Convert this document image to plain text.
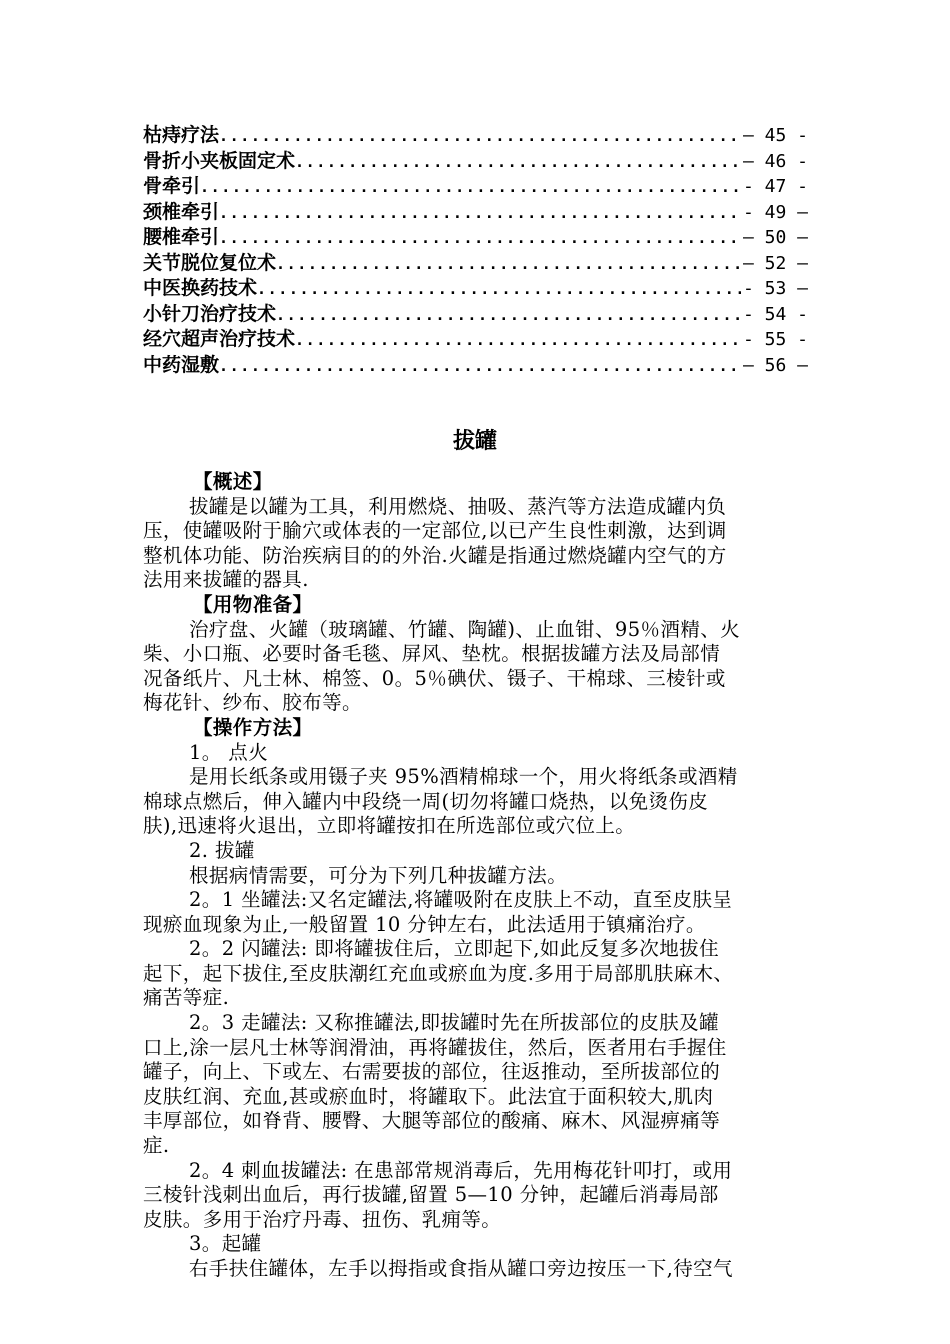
枯痔疗法 .....	— 45 -
骨折小夹板固定术 .....	— 46 -
骨牵引 .....	- 47 -
颈椎牵引 .....	- 49 —
腰椎牵引 .....	— 50 —
关节脱位复位术 .....	— 52 —
中医换药技术 .....	- 53 —
小针刀治疗技术 .....	- 54 -
经穴超声治疗技术 .....	- 55 -
中药湿敷 .....	— 56 —
拔罐
【概述】
拔罐是以罐为工具，利用燃烧、抽吸、蒸汽等方法造成罐内负
压，使罐吸附于腧穴或体表的一定部位,以已产生良性刺激，达到调
整机体功能、防治疾病目的的外治.火罐是指通过燃烧罐内空气的方
法用来拔罐的器具.
【用物准备】
治疗盘、火罐（玻璃罐、竹罐、陶罐)、止血钳、95％酒精、火
柴、小口瓶、必要时备毛毯、屏风、垫枕。根据拔罐方法及局部情
况备纸片、凡士林、棉签、0。5％碘伏、镊子、干棉球、三棱针或
梅花针、纱布、胶布等。
【操作方法】
1。 点火
是用长纸条或用镊子夹 95%酒精棉球一个，用火将纸条或酒精
棉球点燃后，伸入罐内中段绕一周(切勿将罐口烧热，以免烫伤皮
肤),迅速将火退出，立即将罐按扣在所选部位或穴位上。
2. 拔罐
根据病情需要，可分为下列几种拔罐方法。
2。1 坐罐法:又名定罐法,将罐吸附在皮肤上不动，直至皮肤呈
现瘀血现象为止,一般留置 10 分钟左右，此法适用于镇痛治疗。
2。2 闪罐法: 即将罐拔住后，立即起下,如此反复多次地拔住
起下，起下拔住,至皮肤潮红充血或瘀血为度.多用于局部肌肤麻木、
痛苦等症.
2。3 走罐法: 又称推罐法,即拔罐时先在所拔部位的皮肤及罐
口上,涂一层凡士林等润滑油，再将罐拔住，然后，医者用右手握住
罐子，向上、下或左、右需要拔的部位，往返推动，至所拔部位的
皮肤红润、充血,甚或瘀血时，将罐取下。此法宜于面积较大,肌肉
丰厚部位，如脊背、腰臀、大腿等部位的酸痛、麻木、风湿痹痛等
症.
2。4 刺血拔罐法: 在患部常规消毒后，先用梅花针叩打，或用
三棱针浅刺出血后，再行拔罐,留置 5—10 分钟，起罐后消毒局部
皮肤。多用于治疗丹毒、扭伤、乳痈等。
3。起罐
右手扶住罐体，左手以拇指或食指从罐口旁边按压一下,待空气
